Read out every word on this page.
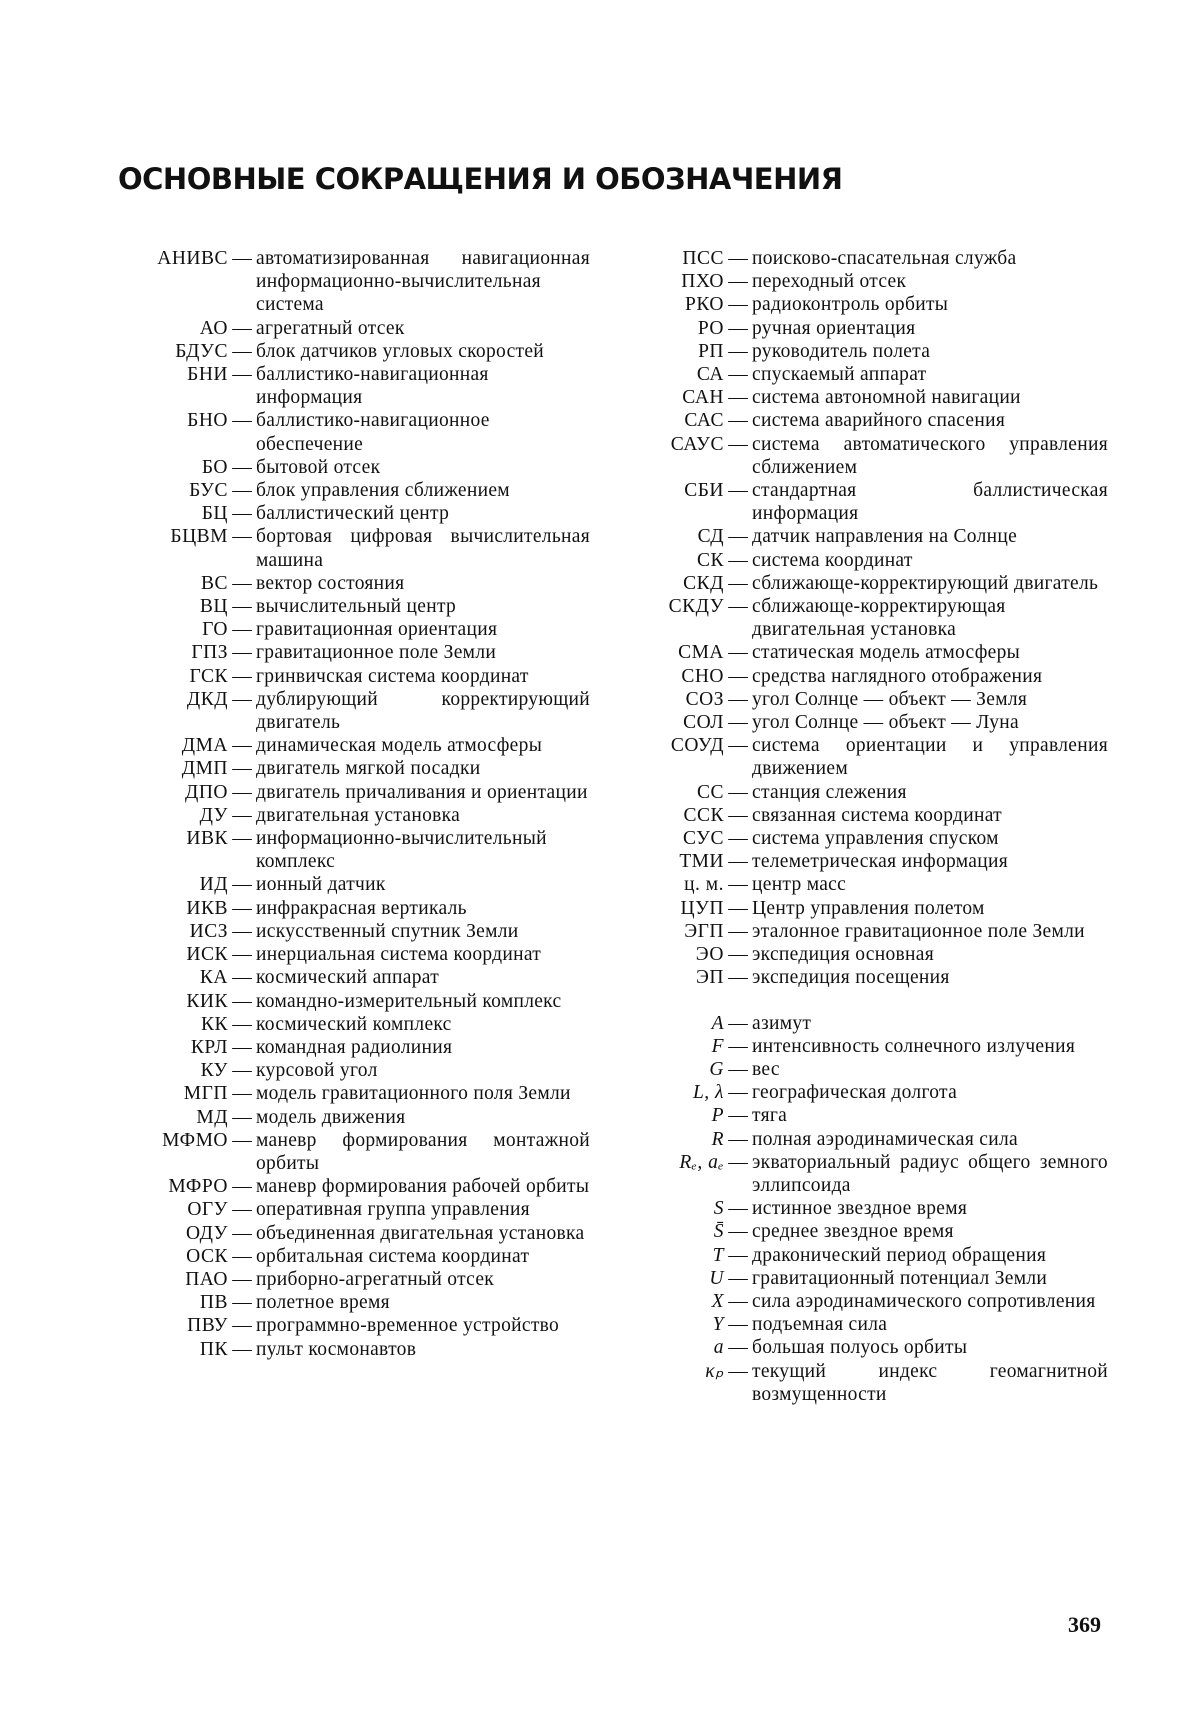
ОСНОВНЫЕ СОКРАЩЕНИЯ И ОБОЗНАЧЕНИЯ
АНИВС — автоматизированная навигационная информационно-вычислительная система
АО — агрегатный отсек
БДУС — блок датчиков угловых скоростей
БНИ — баллистико-навигационная информация
БНО — баллистико-навигационное обеспечение
БО — бытовой отсек
БУС — блок управления сближением
БЦ — баллистический центр
БЦВМ — бортовая цифровая вычислительная машина
ВС — вектор состояния
ВЦ — вычислительный центр
ГО — гравитационная ориентация
ГПЗ — гравитационное поле Земли
ГСК — гринвичская система координат
ДКД — дублирующий корректирующий двигатель
ДМА — динамическая модель атмосферы
ДМП — двигатель мягкой посадки
ДПО — двигатель причаливания и ориентации
ДУ — двигательная установка
ИВК — информационно-вычислительный комплекс
ИД — ионный датчик
ИКВ — инфракрасная вертикаль
ИСЗ — искусственный спутник Земли
ИСК — инерциальная система координат
КА — космический аппарат
КИК — командно-измерительный комплекс
КК — космический комплекс
КРЛ — командная радиолиния
КУ — курсовой угол
МГП — модель гравитационного поля Земли
МД — модель движения
МФМО — маневр формирования монтажной орбиты
МФРО — маневр формирования рабочей орбиты
ОГУ — оперативная группа управления
ОДУ — объединенная двигательная установка
ОСК — орбитальная система координат
ПАО — приборно-агрегатный отсек
ПВ — полетное время
ПВУ — программно-временное устройство
ПК — пульт космонавтов
ПСС — поисково-спасательная служба
ПХО — переходный отсек
РКО — радиоконтроль орбиты
РО — ручная ориентация
РП — руководитель полета
СА — спускаемый аппарат
САН — система автономной навигации
САС — система аварийного спасения
САУС — система автоматического управления сближением
СБИ — стандартная баллистическая информация
СД — датчик направления на Солнце
СК — система координат
СКД — сближающе-корректирующий двигатель
СКДУ — сближающе-корректирующая двигательная установка
СМА — статическая модель атмосферы
СНО — средства наглядного отображения
СОЗ — угол Солнце — объект — Земля
СОЛ — угол Солнце — объект — Луна
СОУД — система ориентации и управления движением
СС — станция слежения
ССК — связанная система координат
СУС — система управления спуском
ТМИ — телеметрическая информация
ц. м. — центр масс
ЦУП — Центр управления полетом
ЭГП — эталонное гравитационное поле Земли
ЭО — экспедиция основная
ЭП — экспедиция посещения
A — азимут
F — интенсивность солнечного излучения
G — вес
L, λ — географическая долгота
P — тяга
R — полная аэродинамическая сила
Rₑ, aₑ — экваториальный радиус общего земного эллипсоида
S — истинное звездное время
S̄ — среднее звездное время
T — драконический период обращения
U — гравитационный потенциал Земли
X — сила аэродинамического сопротивления
Y — подъемная сила
a — большая полуось орбиты
κₚ — текущий индекс геомагнитной возмущенности
369
